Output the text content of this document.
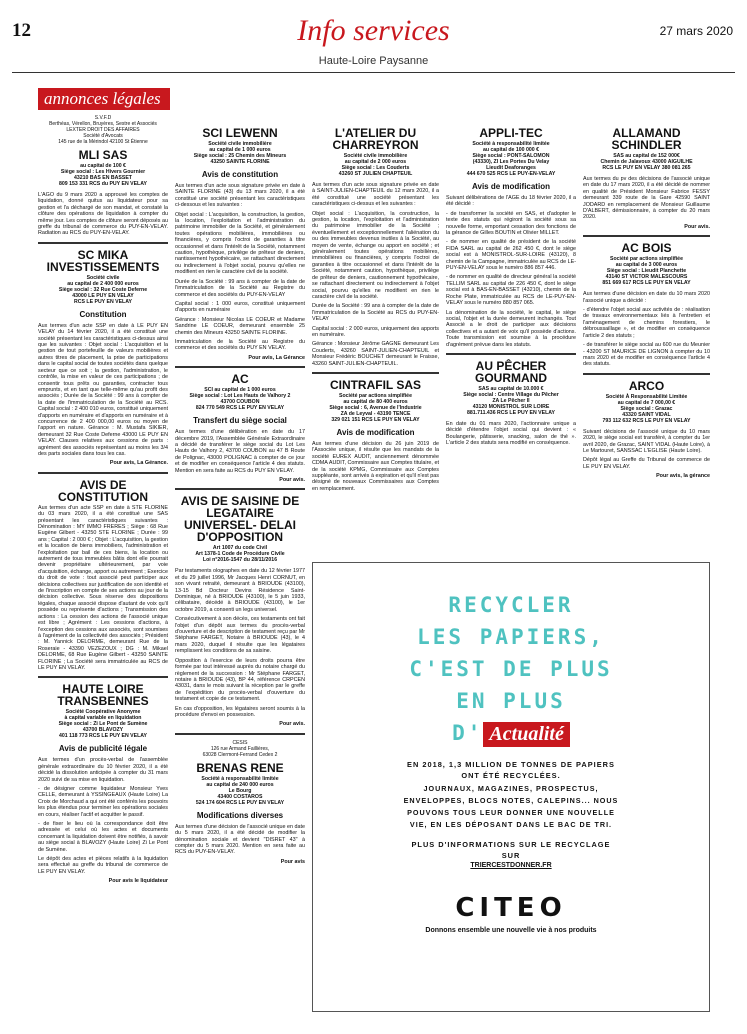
12	Info services
Haute-Loire Paysanne
27 mars 2020
annonces légales
S.V.F.D
Berthéas, Vérellon, Bruyères, Sestre et Associés
LEXTER DROIT DES AFFAIRES
Société d'Avocats
145 rue de la Mérindol 42100 St Étienne
MLI SAS
au capital de 100 €
Siège social : Les Hivers Gournier
43210 BAS EN BASSET
809 153 331 RCS du PUY EN VELAY

L'AGO du 9 mars 2020 a approuvé les comptes de liquidation, donné quitus au liquidateur pour sa gestion et l'a déchargé de son mandat, et constaté la clôture des opérations de liquidation à compter du même jour. Les comptes de clôture seront déposés au greffe du tribunal de commerce du PUY-EN-VELAY. Radiation au RCS du PUY-EN-VELAY.

SC MIKA INVESTISSEMENTS
Société civile
au capital de 2 400 000 euros
Siège social : 32 Rue Coste Deferne
43000 LE PUY EN VELAY
RCS LE PUY EN VELAY
Constitution

Aux termes d'un acte SSP en date à LE PUY EN VELAY du 14 février 2020, il a été constitué une société présentant les caractéristiques ci-dessus ainsi que les suivantes : Objet social : L'acquisition et la gestion de tout portefeuille de valeurs mobilières et autres titres de placement, la prise de participations dans le capital social de toutes sociétés dans quelque secteur que ce soit ; la gestion, l'administration, le contrôle, la mise en valeur de ces participations ; de consentir tous prêts ou garanties, contracter tous emprunts, et en tant que telle-même qu'au profit des associés ; Durée de la Société : 99 ans à compter de la date de l'immatriculation de la Société au RCS. Capital social : 2 400 010 euros, constitué uniquement d'apports en numéraire et d'apports en numéraire et à concurrence de 2 400 000,00 euros ou moyen de l'apport en nature. Gérance : M. Mustafa SIKIER, demeurant 32 Rue Coste Deferne 43000 LE PUY EN VELAY. Clauses relatives aux cessions de parts : agrément des associés représentant au moins les 3/4 des parts sociales dans tous les cas.

Pour avis, La Gérance.
AVIS DE CONSTITUTION

Aux termes d'un acte SSP en date à STE FLORINE du 03 mars 2020, il a été constitué une SAS présentant les caractéristiques suivantes : Dénomination : MY IMMO FRERES ; Siège : 68 Rue Eugène Gilbert - 43250 STE FLORINE ; Durée : 99 ans ; Capital : 2 000 € ; Objet : L'acquisition, la gestion et la location de biens immobiliers, l'administration et l'exploitation par bail de ces biens, la location ou autrement de tous immeubles bâtis dont elle pourrait devenir propriétaire ultérieurement, par voie d'acquisition, échange, apport ou autrement ; Exercice du droit de vote : tout associé peut participer aux décisions collectives sur justification de son identité et de l'inscription en compte de ses actions au jour de la décision collective. Sous réserve des dispositions légales, chaque associé dispose d'autant de voix qu'il possède ou représente d'actions ; Transmission des actions : La cession des actions de l'associé unique est libre ; Agrément : Les cessions d'actions, à l'exception des cessions aux associés, sont soumises à l'agrément de la collectivité des associés ; Président : M. Yannick DELORME, demeurant Rue de la Roseraie - 43390 VEZEZOUX ; DG : M. Mikael DELORME, 68 Rue Eugène Gilbert - 43250 SAINTE FLORINE ; La Société sera immatriculée au RCS de LE PUY EN VELAY.

HAUTE LOIRE TRANSBENNES
Société Coopérative Anonyme
à capital variable en liquidation
Siège social : Zi Le Pont de Sumène
43700 BLAVOZY
401 118 773 RCS LE PUY EN VELAY
Avis de publicité légale

Aux termes d'un procès-verbal de l'assemblée générale extraordinaire du 10 février 2020, il a été décidé la dissolution anticipée à compter du 31 mars 2020 suivi de sa mise en liquidation.

- de désigner comme liquidateur Monsieur Yves CELLE, demeurant à YSSINGEAUX (Haute Loire) La Croix de Morchaud a qui ont été conférés les pouvoirs les plus étendus pour terminer les opérations sociales en cours, réaliser l'actif et acquitter le passif.

- de fixer le lieu où la correspondance doit être adressée et celui où les actes et documents concernant la liquidation doivent être notifiés, à savoir au siège social à BLAVOZY (Haute Loire) Zi Le Pont de Sumène.

Le dépôt des actes et pièces relatifs à la liquidation sera effectué au greffe du tribunal de commerce de LE PUY EN VELAY.

Pour avis le liquidateur
SCI LEWENN
Société civile immobilière
au capital de 1 000 euros
Siège social : 25 Chemin des Mineurs
43250 SAINTE FLORINE
Avis de constitution

Aux termes d'un acte sous signature privée en date à SAINTE FLORINE (43) du 13 mars 2020, il a été constitué une société présentant les caractéristiques ci-dessous et les suivantes :

Objet social : L'acquisition, la construction, la gestion, la location, l'exploitation et l'administration du patrimoine immobilier de la Société, et généralement toutes opérations mobilières, immobilières ou financières, y compris l'octroi de garanties à titre occasionnel et dans l'intérêt de la Société, notamment caution, hypothèque, privilège de prêteur de deniers, nantissement hypothécaire, se rattachant directement ou indirectement à l'objet social, pourvu qu'elles ne modifient en rien le caractère civil de la société.

Durée de la Société : 99 ans à compter de la date de l'immatriculation de la Société au Registre du commerce et des sociétés du PUY-EN-VELAY

Capital social : 1 000 euros, constitué uniquement d'apports en numéraire

Gérance : Monsieur Nicolas LE COEUR et Madame Sandrine LE COEUR, demeurant ensemble 25 chemin des Mineurs 43250 SAINTE FLORINE.

Immatriculation de la Société au Registre du commerce et des sociétés du PUY EN VELAY.

Pour avis, La Gérance
AC
SCI au capital de 1 000 euros
Siège social : Lot Les Hauts de Valhory 2
43700 COUBON
824 770 549 RCS LE PUY EN VELAY
Transfert du siège social

Aux termes d'une délibération en date du 17 décembre 2019, l'Assemblée Générale Extraordinaire a décidé de transférer le siège social du Lot Les Hauts de Valhory 2, 43700 COUBON au 47 B Route de Polignac, 43000 POLIGNAC à compter de ce jour et de modifier en conséquence l'article 4 des statuts. Mention en sera faite au RCS du PUY EN VELAY.

Pour avis.
AVIS DE SAISINE DE LEGATAIRE UNIVERSEL- DELAI D'OPPOSITION
Art 1007 du code Civil
Art 1378-1 Code de Procédure Civile
Loi n°2016-1547 du 28/11/2016

Par testaments olographes en date du 12 février 1977 et du 29 juillet 1996, Mr Jacques Henri CORNUT, en son vivant retraité, demeurant à BRIOUDE (43100), 13-15 Bd Docteur Devins Résidence Saint-Dominique, né à BRIOUDE (43100), le 5 juin 1933, célibataire, décédé à BRIOUDE (43100), le 1er octobre 2019, a consenti un legs universel.

Consécutivement à son décès, ces testaments ont fait l'objet d'un dépôt aux termes du procès-verbal d'ouverture et de description de testament reçu par Mr Stéphane FARGET, Notaire à BRIOUDE (43), le 4 mars 2020, duquel il résulte que les légataires remplissent les conditions de sa saisine.

Opposition à l'exercice de leurs droits pourra être formée par tout intéressé auprès du notaire chargé du règlement de la succession : Mr Stéphane FARGET, notaire à BRIOUDE (43), BP 44, référence CRPCEN 43031, dans le mois suivant la réception par le greffe de l'expédition du procès-verbal d'ouverture du testament et copie de ce testament.

En cas d'opposition, les légataires seront soumis à la procédure d'envoi en possession.

Pour avis.
CESIS
126 rue Armand Faillières,
63028 Clermont-Ferrand Cedex 2
BRENAS RENE
Société à responsabilité limitée
au capital de 240 000 euros
Le Bourg
43400 COSTAROS
524 174 604 RCS LE PUY EN VELAY
Modifications diverses

Aux termes d'une décision de l'associé unique en date du 5 mars 2020, il a été décidé de modifier la dénomination sociale et devient "DISRET 43" à compter du 5 mars 2020. Mention en sera faite au RCS du PUY-EN-VELAY.

Pour avis
L'ATELIER DU CHARREYRON
Société civile immobilière
au capital de 2 000 euros
Siège social : Les Couderts
43260 ST JULIEN CHAPTEUIL

Aux termes d'un acte sous signature privée en date à SAINT-JULIEN-CHAPTEUIL du 12 mars 2020, il a été constitué une société présentant les caractéristiques ci-dessus et les suivantes :

Objet social : L'acquisition, la construction, la gestion, la location, l'exploitation et l'administration du patrimoine immobilier de la Société ; éventuellement et exceptionnellement l'aliénation du ou des immeubles devenus inutiles à la Société, au moyen de vente, échange ou apport en société ; et généralement toutes opérations mobilières, immobilières ou financières, y compris l'octroi de garanties à titre occasionnel et dans l'intérêt de la Société, notamment caution, hypothèque, privilège de prêteur de deniers, cautionnement hypothécaire, se rattachant directement ou indirectement à l'objet social, pourvu qu'elles ne modifient en rien le caractère civil de la société.

Durée de la Société : 99 ans à compter de la date de l'immatriculation de la Société au RCS du PUY-EN-VELAY

Capital social : 2 000 euros, uniquement des apports en numéraire.

Gérance : Monsieur Jérôme GAGNE demeurant Les Couderts, 43260 SAINT-JULIEN-CHAPTEUIL et Monsieur Frédéric BOUCHET demeurant le Fraisse, 43260 SAINT-JULIEN-CHAPTEUIL.

CINTRAFIL SAS
Société par actions simplifiée
au capital de 80 400 euros
Siège social : 6, Avenue de l'Industrie
ZA de Leyval - 43190 TENCE
329 021 151 RCS LE PUY EN VELAY
Avis de modification

Aux termes d'une décision du 26 juin 2019 de l'Associée unique, il résulte que les mandats de la société EUREX AUDIT, anciennement dénommée CDMA AUDIT, Commissaire aux Comptes titulaire, et de la société KPMG, Commissaire aux Comptes suppléante, sont arrivés à expiration et qu'il n'est pas désigné de nouveaux Commissaires aux Comptes en remplacement.

APPLI-TEC
Société à responsabilité limitée
au capital de 100 000 €
Siège social : PONT-SALOMON
(43330), ZI Les Portes Du Velay
Lieudit Deaforanges
444 670 525 RCS LE PUY-EN-VELAY
Avis de modification

Suivant délibérations de l'AGE du 18 février 2020, il a été décidé :

- de transformer la société en SAS, et d'adopter le texte des statuts qui régiront la société sous sa nouvelle forme, emportant cessation des fonctions de la gérance de Gilles BOUTIN et Olivier MILLET.

- de nommer en qualité de président de la société FIDA SARL au capital de 262 450 €, dont le siège social est à MONISTROL-SUR-LOIRE (43120), 8 chemin de la Campagne, immatriculée au RCS de LE-PUY-EN-VELAY sous le numéro 886 857 446.

- de nommer en qualité de directeur général la société TELLIM SARL au capital de 226 450 €, dont le siège social est à BAS-EN-BASSET (43210), chemin de la Roche Plate, immatriculée au RCS de LE-PUY-EN-VELAY sous le numéro 880 857 065.

La dénomination de la société, le capital, le siège social, l'objet et la durée demeurent inchangés. Tout Associé a le droit de participer aux décisions collectives et a autant de voix qu'il possède d'actions. Toute transmission est soumise à la procédure d'agrément prévue dans les statuts.

AU PÊCHER GOURMAND
SAS au capital de 10.000 €
Siège social : Centre Village du Pêcher
ZA Le Pêcher II
43120 MONISTROL SUR LOIRE
881.711.436 RCS LE PUY EN VELAY

En date du 01 mars 2020, l'actionnaire unique a décidé d'étendre l'objet social qui devient : « Boulangerie, pâtisserie, snacking, salon de thé ». L'article 2 des statuts sera modifié en conséquence.

ALLAMAND SCHINDLER
SAS au capital de 152 000€
Chemin de Jalavoux 43000 AIGUILHE
RCS LE PUY EN VELAY 380 081 265

Aux termes du pv des décisions de l'associé unique en date du 17 mars 2020, il a été décidé de nommer en qualité de Président Monsieur Fabrice FESSY demeurant 339 route de la Gare 42590 SAINT JODARD en remplacement de Monsieur Guillaume D'ALBERT, démissionnaire, à compter du 20 mars 2020.

Pour avis.
AC BOIS
Société par actions simplifiée
au capital de 3 000 euros
Siège social : Lieudit Planchette
43140 ST VICTOR MALESCOURS
851 669 617 RCS LE PUY EN VELAY

Aux termes d'une décision en date du 10 mars 2020 l'associé unique a décidé :

- d'étendre l'objet social aux activités de : réalisation de travaux environnementaux liés à l'entretien et l'aménagement de chemins forestiers, le débroussaillage », et de modifier en conséquence l'article 2 des statuts ;

- de transférer le siège social au 600 rue du Meunier - 43200 ST MAURICE DE LIGNON à compter du 10 mars 2020 et de modifier en conséquence l'article 4 des statuts.

ARCO
Société À Responsabilité Limitée
au capital de 7 000,00 €
Siège social : Grazac
43320 SAINT VIDAL
793 112 632 RCS LE PUY EN VELAY

Suivant décisions de l'associé unique du 10 mars 2020, le siège social est transféré, à compter du 1er avril 2020, de Grazac, SAINT VIDAL (Haute Loire), à Le Martouret, SANSSAC L'EGLISE (Haute Loire).

Dépôt légal au Greffe du Tribunal de commerce de LE PUY EN VELAY.

Pour avis, la gérance
RECYCLER
LES PAPIERS,
C'EST DE PLUS
EN PLUS
D' Actualité
EN 2018, 1,3 MILLION DE TONNES DE PAPIERS ONT ÉTÉ RECYCLÉES.
JOURNAUX, MAGAZINES, PROSPECTUS, ENVELOPPES, BLOCS NOTES, CALEPINS... NOUS POUVONS TOUS LEUR DONNER UNE NOUVELLE VIE, EN LES DÉPOSANT DANS LE BAC DE TRI.
PLUS D'INFORMATIONS SUR LE RECYCLAGE SUR
TRIERCESTDONNER.FR
CITEO
Donnons ensemble une nouvelle vie à nos produits
